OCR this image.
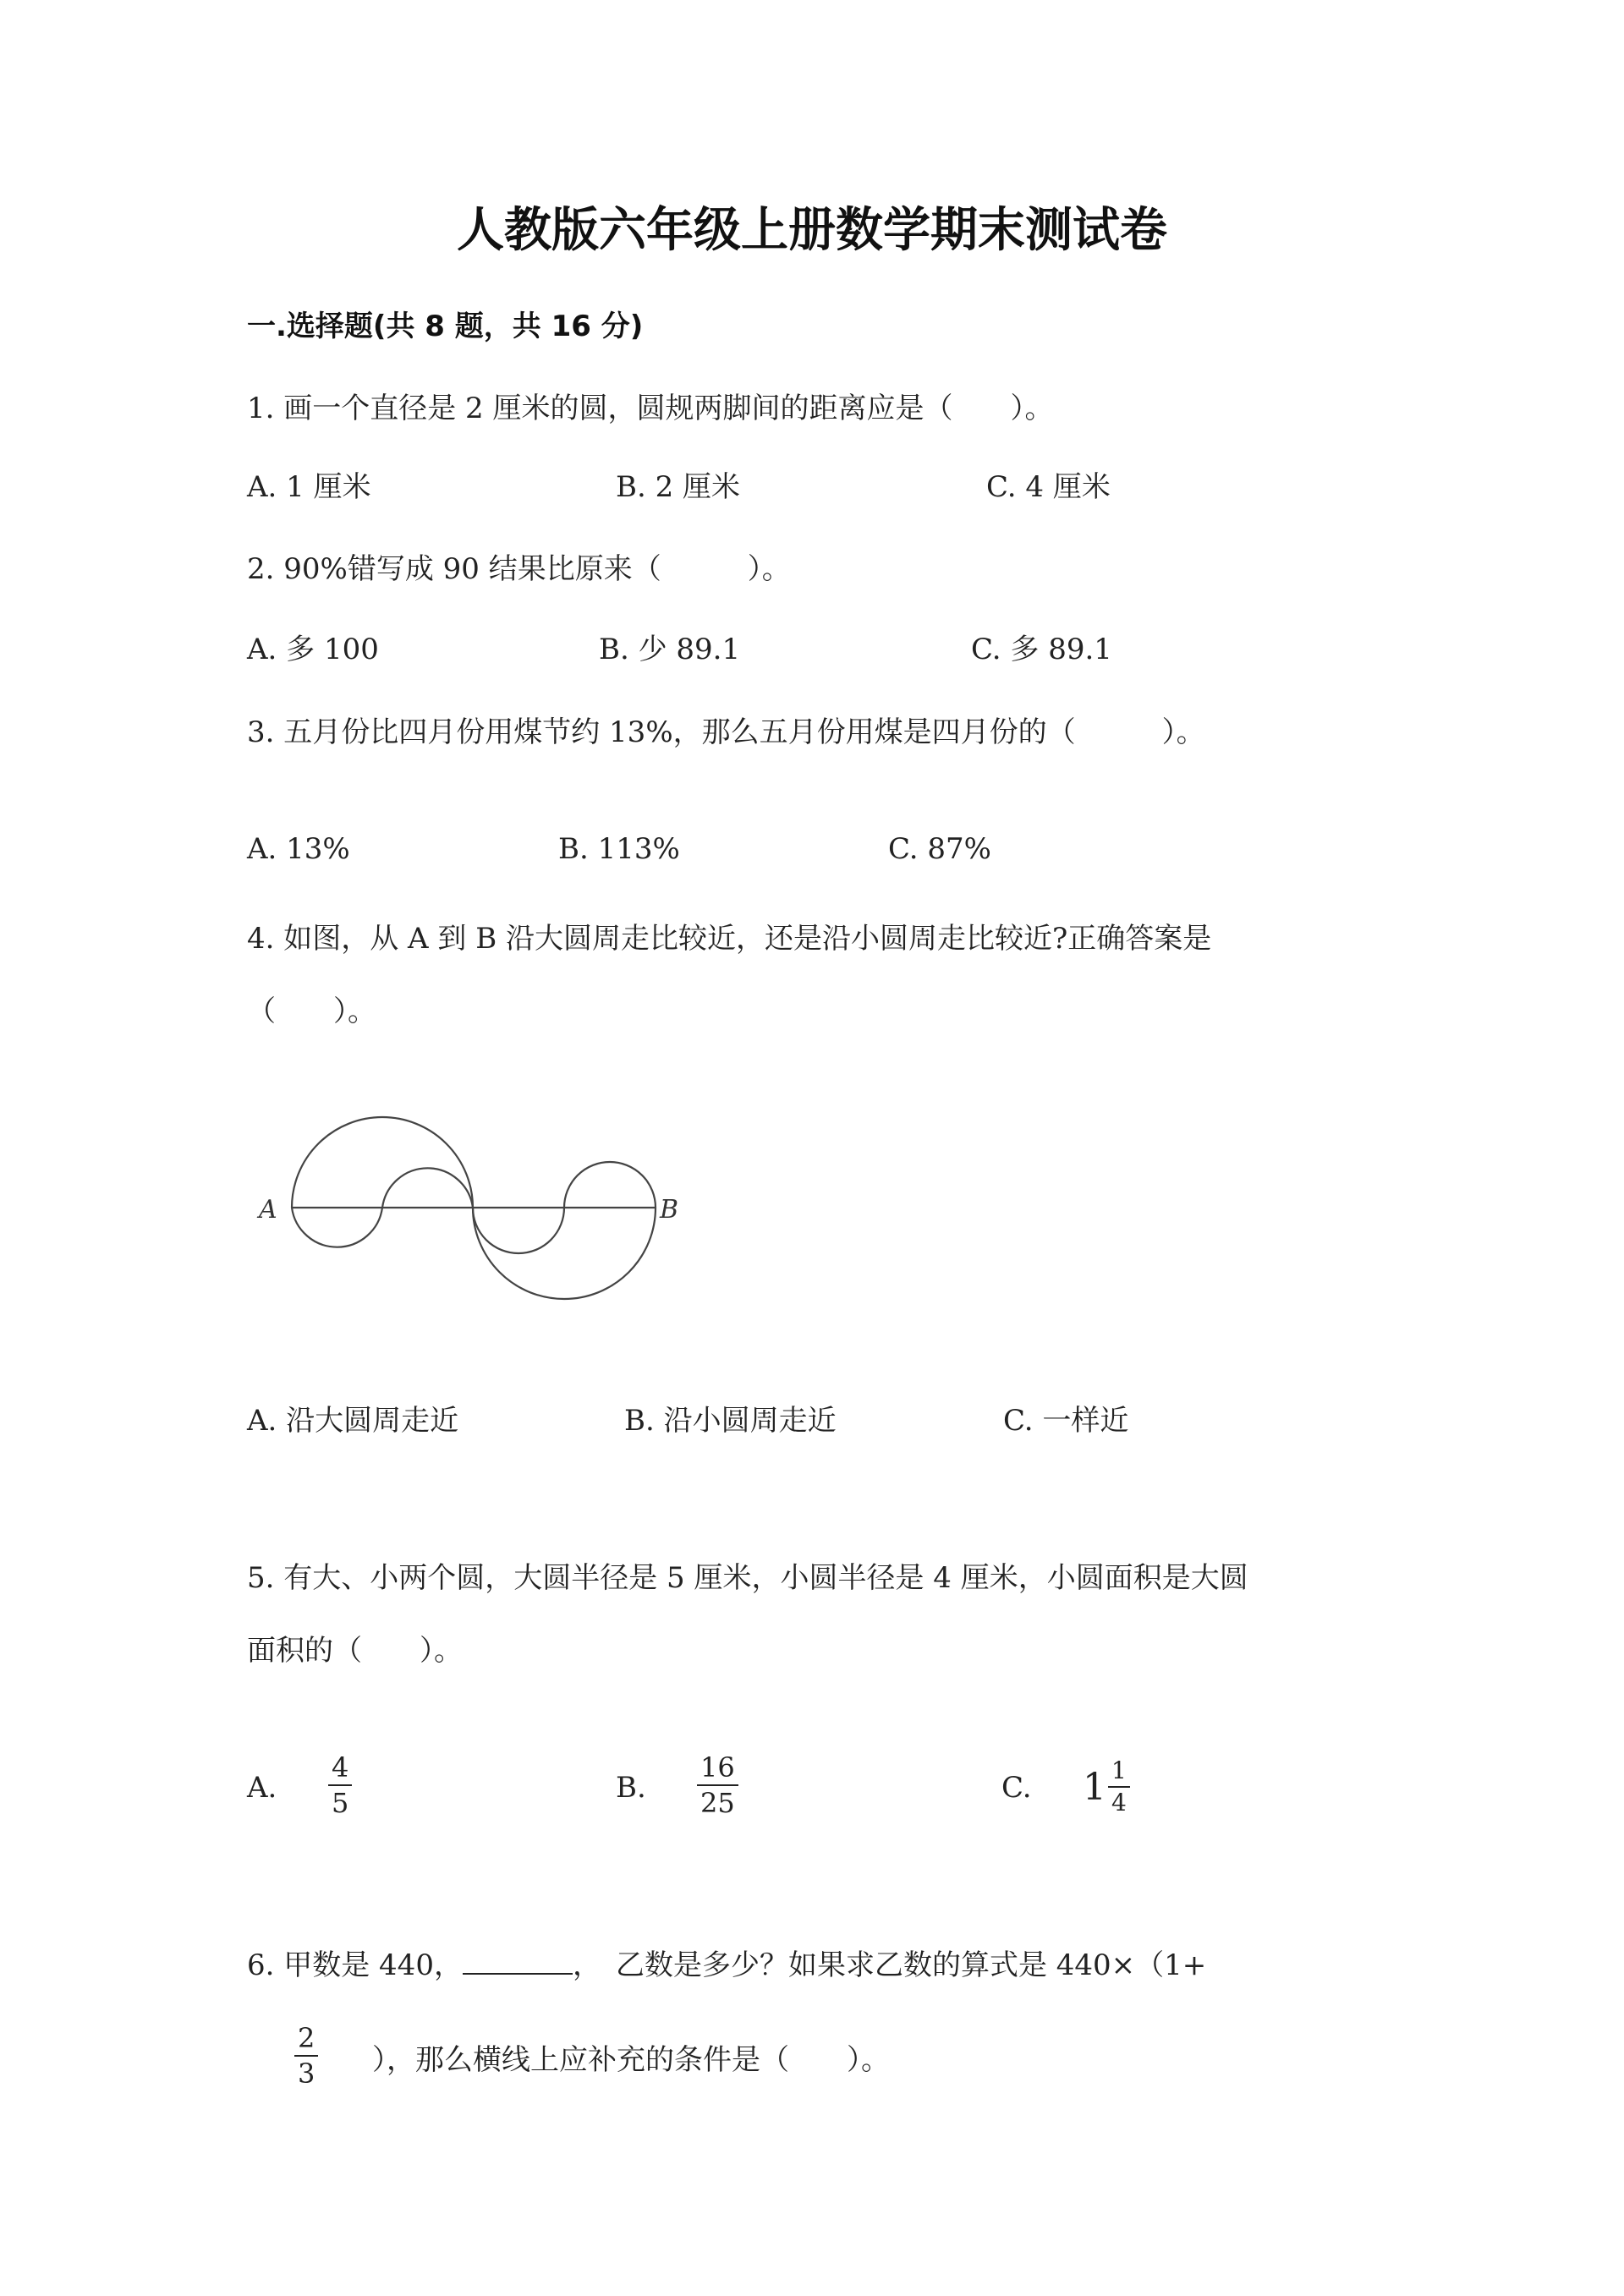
人教版六年级上册数学期末测试卷
一.选择题(共 8 题，共 16 分)
1. 画一个直径是 2 厘米的圆，圆规两脚间的距离应是（　　）。
A. 1 厘米	B. 2 厘米	C. 4 厘米
2. 90%错写成 90 结果比原来（　　　）。
A. 多 100	B. 少 89.1	C. 多 89.1
3. 五月份比四月份用煤节约 13%，那么五月份用煤是四月份的（　　　）。
A. 13%	B. 113%	C. 87%
4. 如图，从 A 到 B 沿大圆周走比较近，还是沿小圆周走比较近?正确答案是
（　　）。
A	B
A. 沿大圆周走近	B. 沿小圆周走近	C. 一样近
5. 有大、小两个圆，大圆半径是 5 厘米，小圆半径是 4 厘米，小圆面积是大圆
面积的（　　）。
A. $\frac{4}{5}$	B. $\frac{16}{25}$	C. $1 \frac{1}{4}$
6. 甲数是 440，	，　乙数是多少？如果求乙数的算式是 440×（1+
$\frac{2}{3}$ ），那么横线上应补充的条件是（　　）。
